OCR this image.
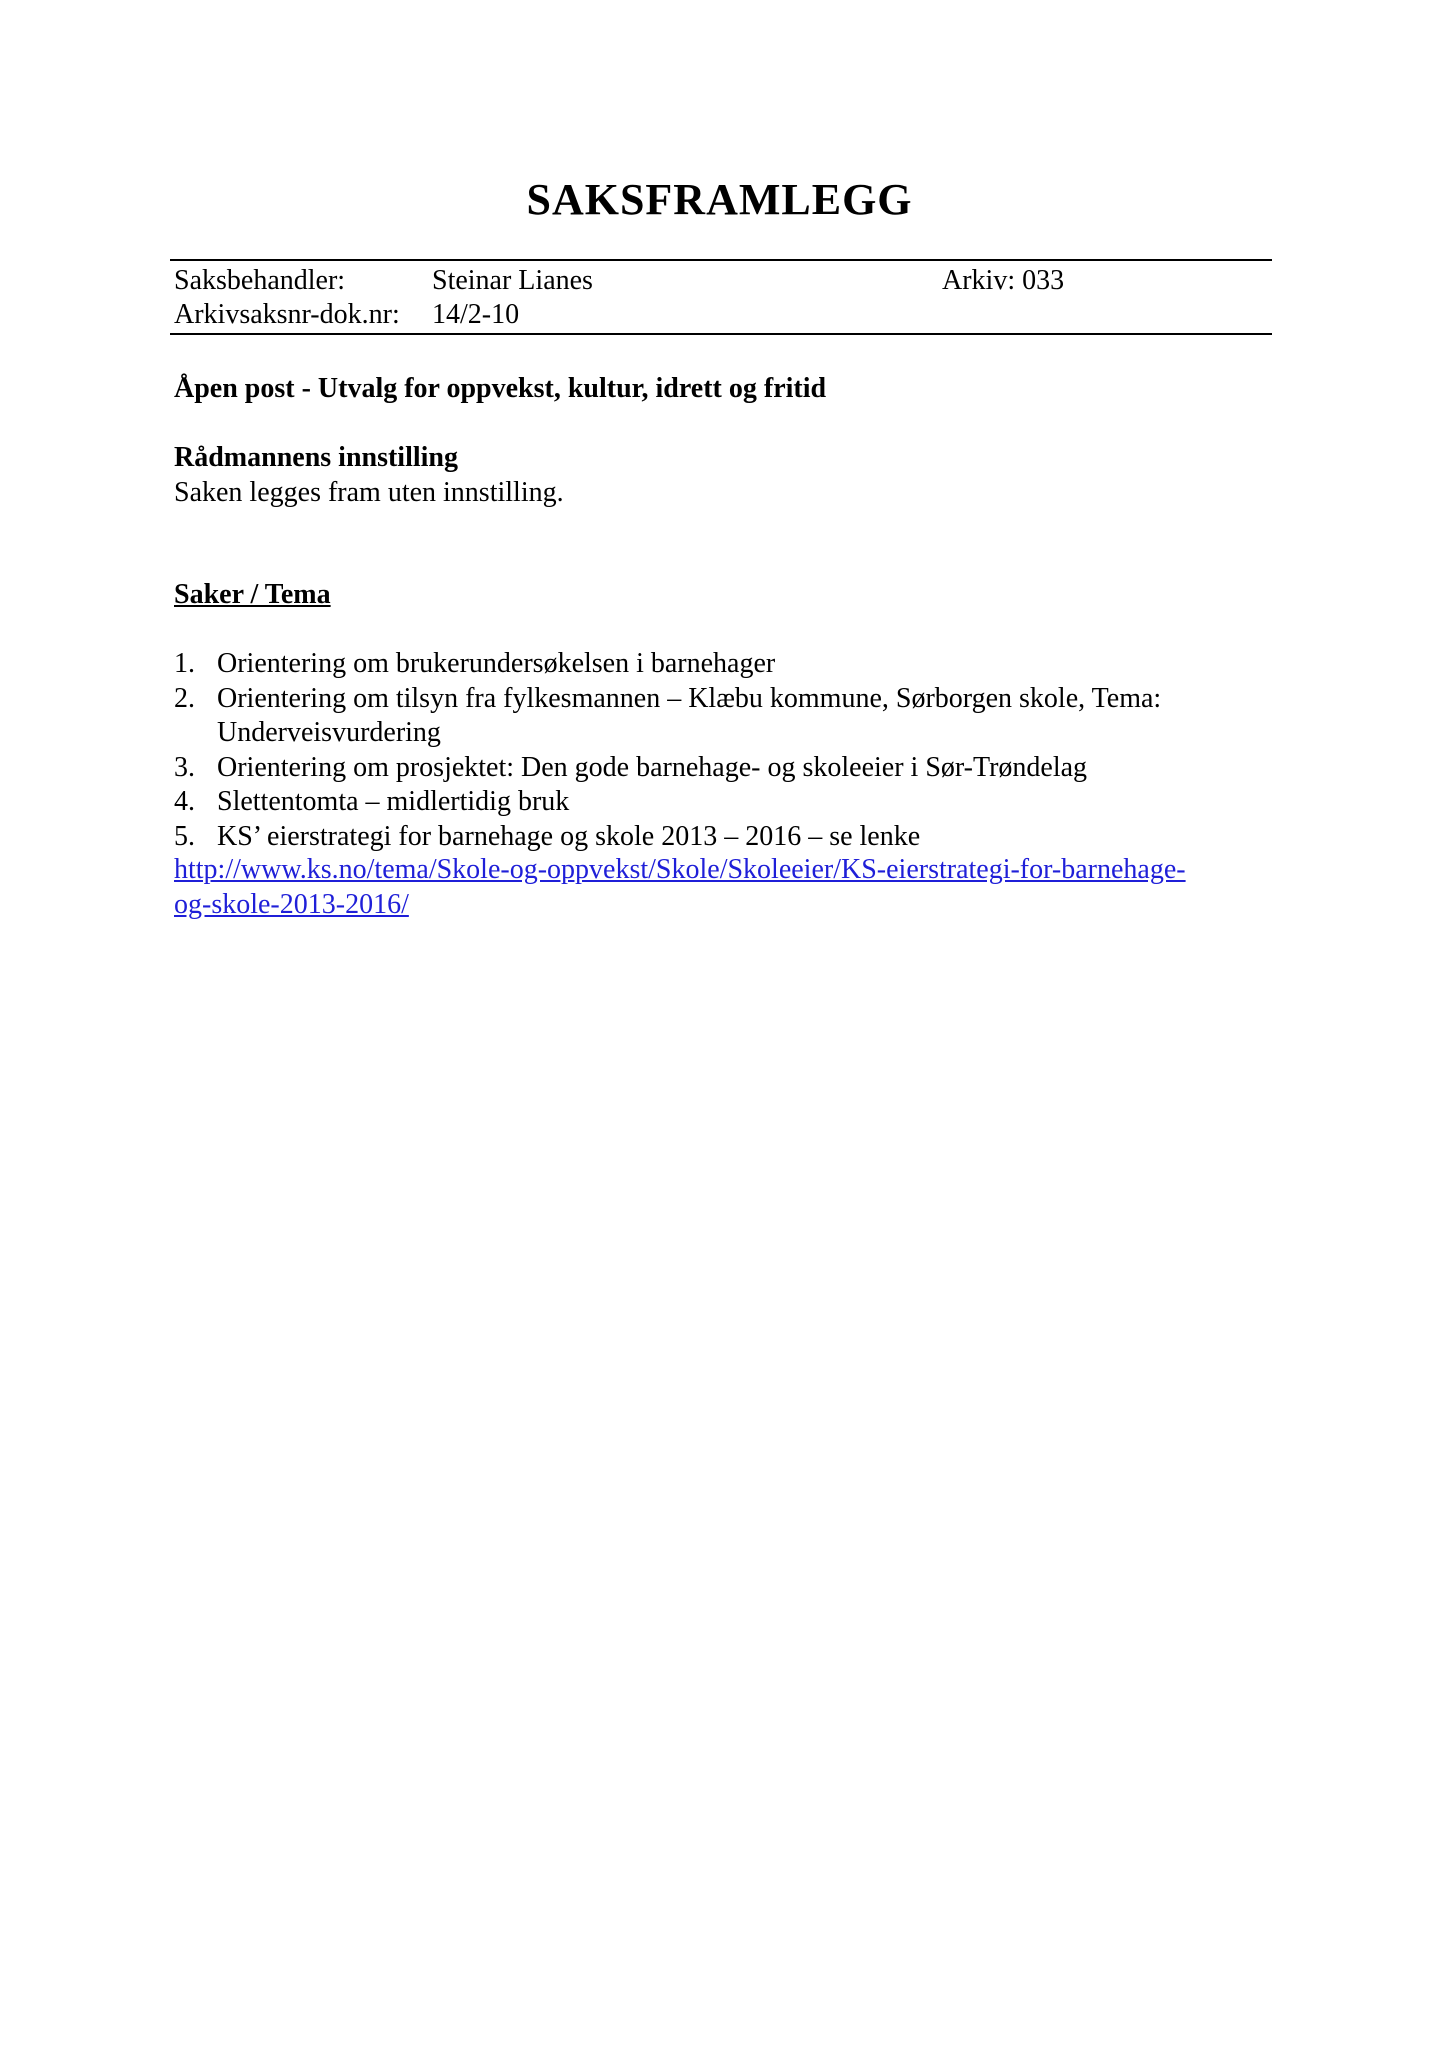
SAKSFRAMLEGG
Saksbehandler:	Steinar Lianes	Arkiv: 033
Arkivsaksnr-dok.nr: 14/2-10
Åpen post - Utvalg for oppvekst, kultur, idrett og fritid
Rådmannens innstilling
Saken legges fram uten innstilling.
Saker / Tema
1. Orientering om brukerundersøkelsen i barnehager
2. Orientering om tilsyn fra fylkesmannen – Klæbu kommune, Sørborgen skole, Tema: Underveisvurdering
3. Orientering om prosjektet: Den gode barnehage- og skoleeier i Sør-Trøndelag
4. Slettentomta – midlertidig bruk
5. KS’ eierstrategi for barnehage og skole 2013 – 2016 – se lenke
http://www.ks.no/tema/Skole-og-oppvekst/Skole/Skoleeier/KS-eierstrategi-for-barnehage-
og-skole-2013-2016/
